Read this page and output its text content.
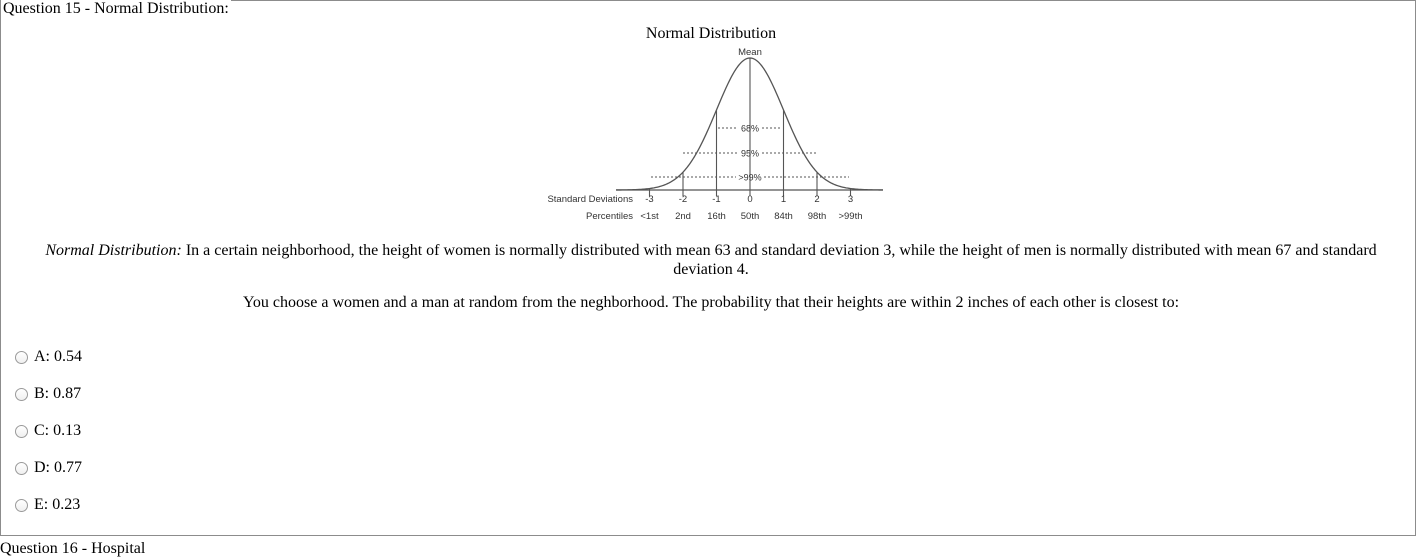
Question 15 - Normal Distribution:
Normal Distribution
Mean
68%
95%
>99%
Standard Deviations
Percentiles
-3	-2	-1	0	1	2	3
<1st 2nd 16th 50th 84th 98th >99th
Normal Distribution: In a certain neighborhood, the height of women is normally distributed with mean 63 and standard deviation 3, while the height of men is normally distributed with mean 67 and standard deviation 4.
You choose a women and a man at random from the neghborhood. The probability that their heights are within 2 inches of each other is closest to:
A: 0.54
B: 0.87
C: 0.13
D: 0.77
E: 0.23
Question 16 - Hospital
